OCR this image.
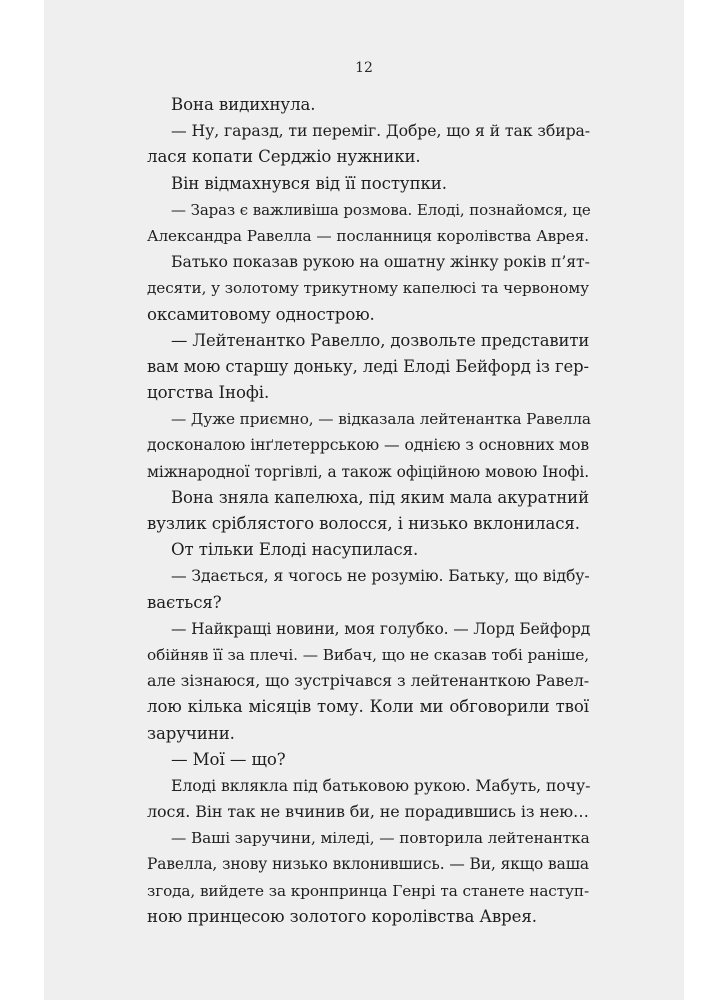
12
Вона видихнула.
— Ну, гаразд, ти переміг. Добре, що я й так збира-
лася копати Серджіо нужники.
Він відмахнувся від її поступки.
— Зараз є важливіша розмова. Елоді, познайомся, це
Александра Равелла — посланниця королівства Аврея.
Батько показав рукою на ошатну жінку років п’ят-
десяти, у золотому трикутному капелюсі та червоному
оксамитовому однострою.
— Лейтенантко Равелло, дозвольте представити
вам мою старшу доньку, леді Елоді Бейфорд із гер-
цогства Інофі.
— Дуже приємно, — відказала лейтенантка Равелла
досконалою інґлетеррською — однією з основних мов
міжнародної торгівлі, а також офіційною мовою Інофі.
Вона зняла капелюха, під яким мала акуратний
вузлик сріблястого волосся, і низько вклонилася.
От тільки Елоді насупилася.
— Здається, я чогось не розумію. Батьку, що відбу-
вається?
— Найкращі новини, моя голубко. — Лорд Бейфорд
обійняв її за плечі. — Вибач, що не сказав тобі раніше,
але зізнаюся, що зустрічався з лейтенанткою Равел-
лою кілька місяців тому. Коли ми обговорили твої
заручини.
— Мої — що?
Елоді вклякла під батьковою рукою. Мабуть, почу-
лося. Він так не вчинив би, не порадившись із нею…
— Ваші заручини, міледі, — повторила лейтенантка
Равелла, знову низько вклонившись. — Ви, якщо ваша
згода, вийдете за кронпринца Генрі та станете наступ-
ною принцесою золотого королівства Аврея.
